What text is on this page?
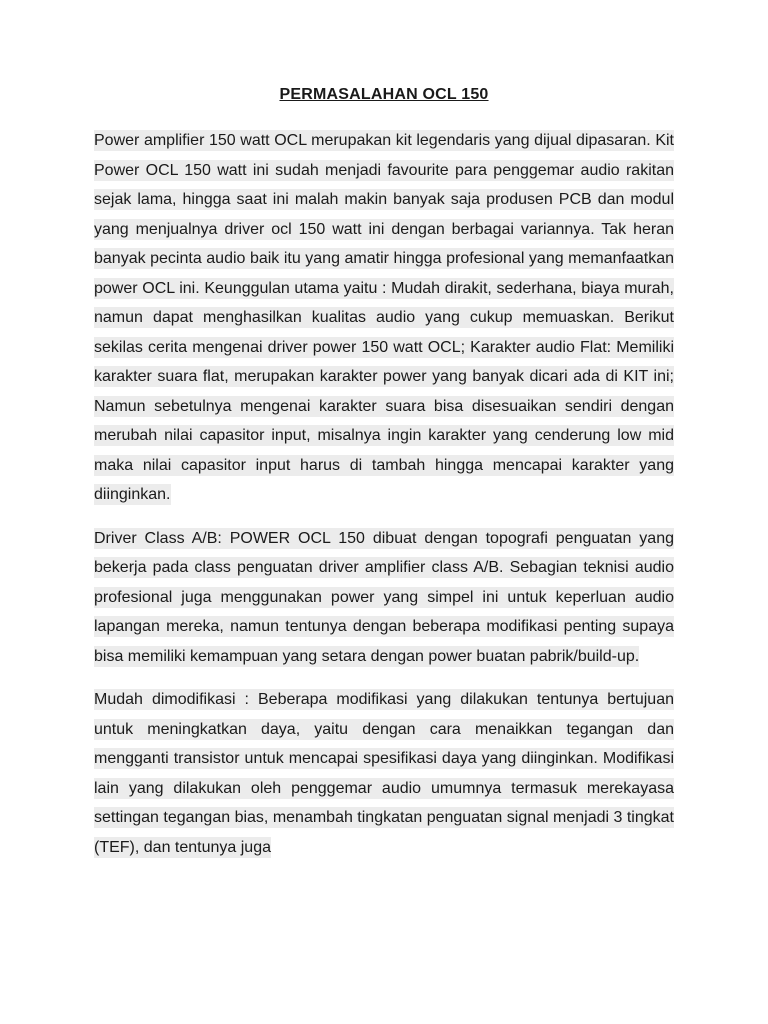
PERMASALAHAN OCL 150

Power amplifier 150 watt OCL merupakan kit legendaris yang dijual dipasaran. Kit Power OCL 150 watt ini sudah menjadi favourite para penggemar audio rakitan sejak lama, hingga saat ini malah makin banyak saja produsen PCB dan modul yang menjualnya driver ocl 150 watt ini dengan berbagai variannya. Tak heran banyak pecinta audio baik itu yang amatir hingga profesional yang memanfaatkan power OCL ini. Keunggulan utama yaitu : Mudah dirakit, sederhana, biaya murah, namun dapat menghasilkan kualitas audio yang cukup memuaskan. Berikut sekilas cerita mengenai driver power 150 watt OCL; Karakter audio Flat: Memiliki karakter suara flat, merupakan karakter power yang banyak dicari ada di KIT ini; Namun sebetulnya mengenai karakter suara bisa disesuaikan sendiri dengan merubah nilai capasitor input, misalnya ingin karakter yang cenderung low mid maka nilai capasitor input harus di tambah hingga mencapai karakter yang diinginkan.

Driver Class A/B: POWER OCL 150 dibuat dengan topografi penguatan yang bekerja pada class penguatan driver amplifier class A/B. Sebagian teknisi audio profesional juga menggunakan power yang simpel ini untuk keperluan audio lapangan mereka, namun tentunya dengan beberapa modifikasi penting supaya bisa memiliki kemampuan yang setara dengan power buatan pabrik/build-up.

Mudah dimodifikasi : Beberapa modifikasi yang dilakukan tentunya bertujuan untuk meningkatkan daya, yaitu dengan cara menaikkan tegangan dan mengganti transistor untuk mencapai spesifikasi daya yang diinginkan. Modifikasi lain yang dilakukan oleh penggemar audio umumnya termasuk merekayasa settingan tegangan bias, menambah tingkatan penguatan signal menjadi 3 tingkat (TEF), dan tentunya juga
